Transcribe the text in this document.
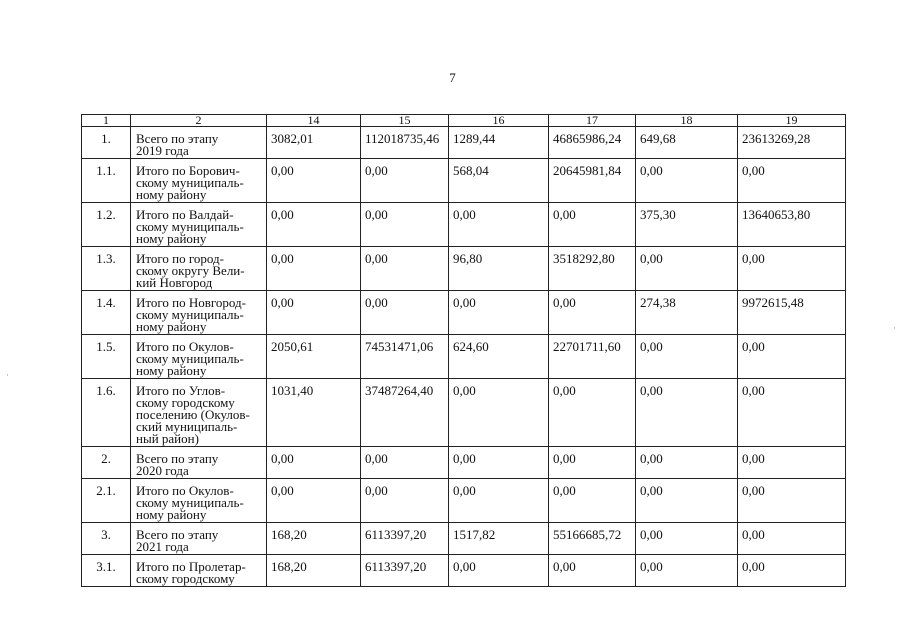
7
1	2	14	15	16	17	18	19
1.	Всего по этапу
2019 года	3082,01	112018735,46	1289,44	46865986,24	649,68	23613269,28
1.1.	Итого по Борович-
скому муниципаль-
ному району	0,00	0,00	568,04	20645981,84	0,00	0,00
1.2.	Итого по Валдай-
скому муниципаль-
ному району	0,00	0,00	0,00	0,00	375,30	13640653,80
1.3.	Итого по город-
скому округу Вели-
кий Новгород	0,00	0,00	96,80	3518292,80	0,00	0,00
1.4.	Итого по Новгород-
скому муниципаль-
ному району	0,00	0,00	0,00	0,00	274,38	9972615,48
1.5.	Итого по Окулов-
скому муниципаль-
ному району	2050,61	74531471,06	624,60	22701711,60	0,00	0,00
1.6.	Итого по Углов-
скому городскому
поселению (Окулов-
ский муниципаль-
ный район)	1031,40	37487264,40	0,00	0,00	0,00	0,00
2.	Всего по этапу
2020 года	0,00	0,00	0,00	0,00	0,00	0,00
2.1.	Итого по Окулов-
скому муниципаль-
ному району	0,00	0,00	0,00	0,00	0,00	0,00
3.	Всего по этапу
2021 года	168,20	6113397,20	1517,82	55166685,72	0,00	0,00
3.1.	Итого по Пролетар-
скому городскому	168,20	6113397,20	0,00	0,00	0,00	0,00
·
·
